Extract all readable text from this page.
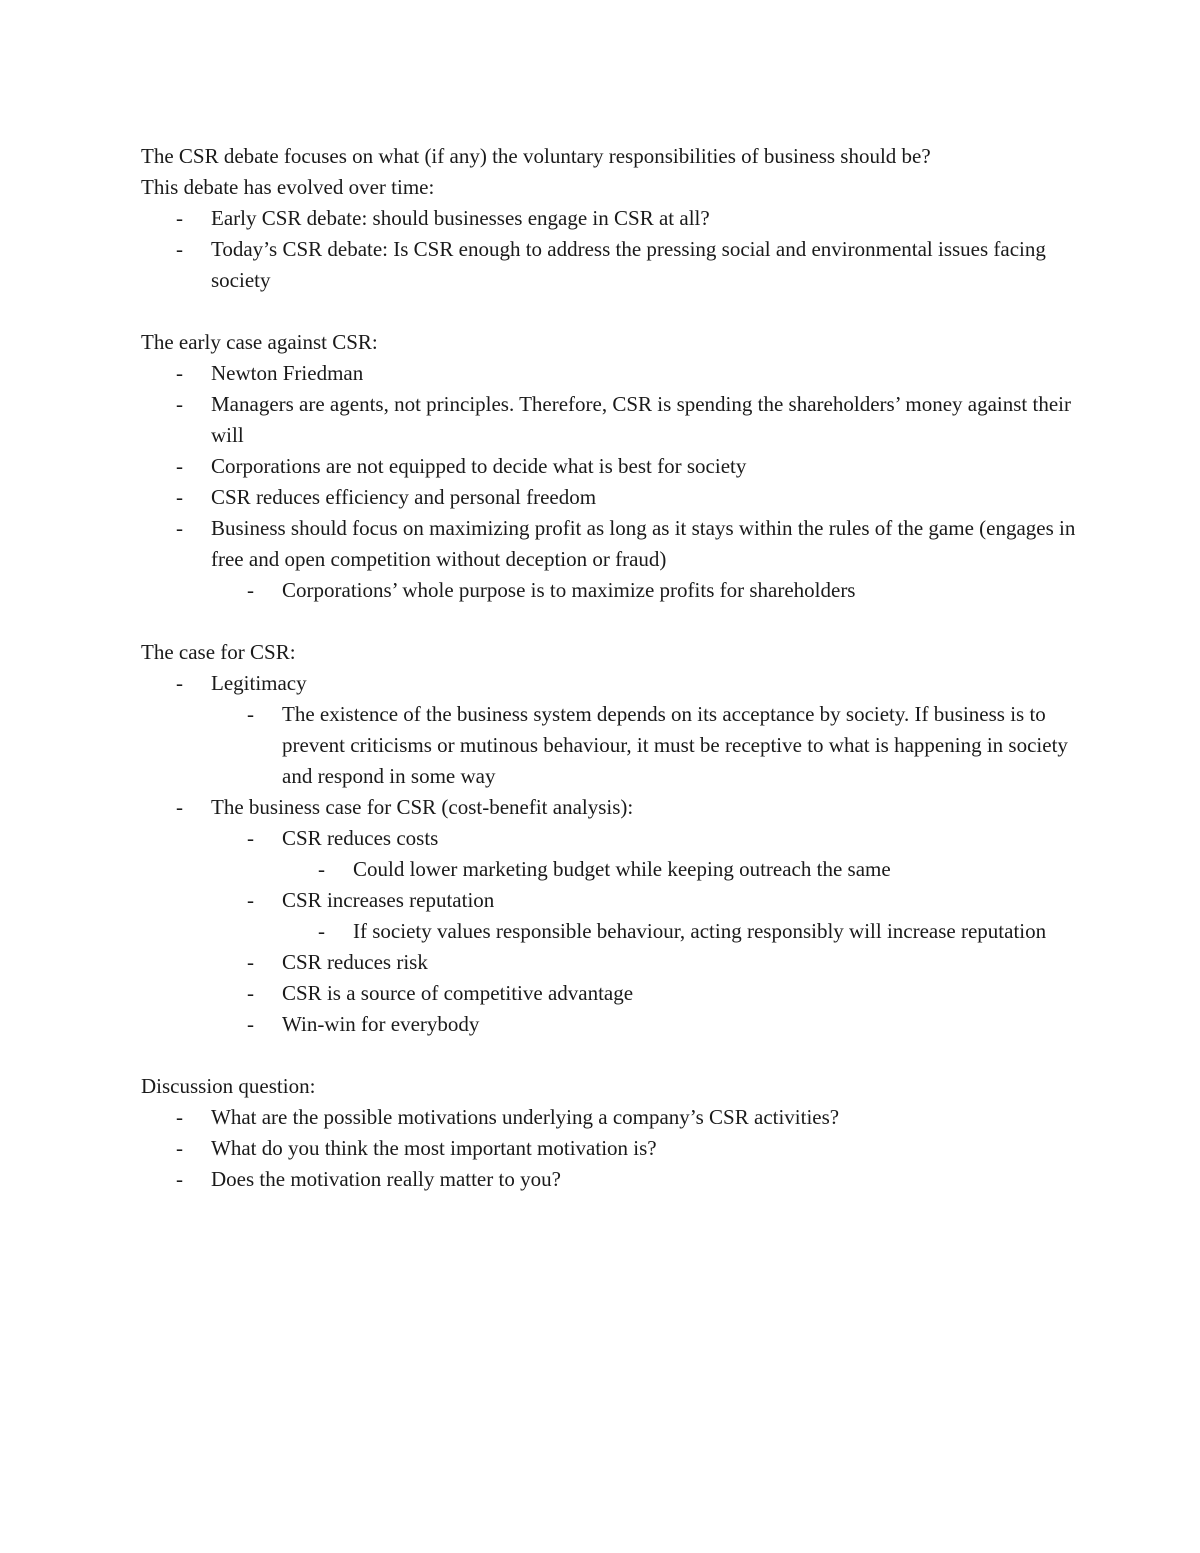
The CSR debate focuses on what (if any) the voluntary responsibilities of business should be?

This debate has evolved over time:

- Early CSR debate: should businesses engage in CSR at all?
- Today’s CSR debate: Is CSR enough to address the pressing social and environmental issues facing society

The early case against CSR:

- Newton Friedman
- Managers are agents, not principles. Therefore, CSR is spending the shareholders’ money against their will
- Corporations are not equipped to decide what is best for society
- CSR reduces efficiency and personal freedom
- Business should focus on maximizing profit as long as it stays within the rules of the game (engages in free and open competition without deception or fraud)
- Corporations’ whole purpose is to maximize profits for shareholders

The case for CSR:

- Legitimacy
- The existence of the business system depends on its acceptance by society. If business is to prevent criticisms or mutinous behaviour, it must be receptive to what is happening in society and respond in some way
- The business case for CSR (cost-benefit analysis):
- CSR reduces costs
- Could lower marketing budget while keeping outreach the same
- CSR increases reputation
- If society values responsible behaviour, acting responsibly will increase reputation
- CSR reduces risk
- CSR is a source of competitive advantage
- Win-win for everybody

Discussion question:

- What are the possible motivations underlying a company’s CSR activities?
- What do you think the most important motivation is?
- Does the motivation really matter to you?
